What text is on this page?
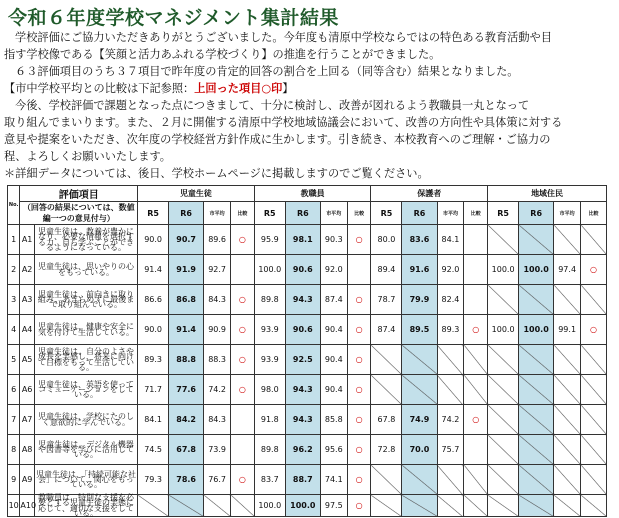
令和６年度学校マネジメント集計結果
学校評価にご協力いただきありがとうございました。今年度も清原中学校ならではの特色ある教育活動や目
指す学校像である【笑顔と活力あふれる学校づくり】の推進を行うことができました。
６３評価項目のうち３７項目で昨年度の肯定的回答の割合を上回る（同等含む）結果となりました。
【市中学校平均との比較は下記参照：上回った項目○印】
今後、学校評価で課題となった点につきまして、十分に検討し、改善が図れるよう教職員一丸となって
取り組んでまいります。また、２月に開催する清原中学校地域協議会において、改善の方向性や具体策に対する
意見や提案をいただき、次年度の学校経営方針作成に生かします。引き続き、本校教育へのご理解・ご協力の
程、よろしくお願いいたします。
＊詳細データについては、後日、学校ホームページに掲載しますのでご覧ください。
No.	評価項目		児童生徒				教職員				保護者				地域住民			
	（回答の結果については、数値編一つの意見付与）																	
			R5	R6	市平均	比較	R5	R6	市平均	比較	R5	R6	市平均	比較	R5	R6	市平均	比較
1	A1	児童生徒は、教養が豊かになり、必要な情報を選択する力、自ら学ぶことができるようになっている。	90.0	90.7	89.6	○	95.9	98.1	90.3	○	80.0	83.6	84.1					
2	A2	児童生徒は、思いやりの心をもっている。	91.4	91.9	92.7		100.0	90.6	92.0		89.4	91.6	92.0		100.0	100.0	97.4	○
3	A3	児童生徒は、前向きに取り組み、あきらめずに最後まで取り組んでいる。	86.6	86.8	84.3	○	89.8	94.3	87.4	○	78.7	79.9	82.4					
4	A4	児童生徒は、健康や安全に気を付けて生活している。	90.0	91.4	90.9	○	93.9	90.6	90.4	○	87.4	89.5	89.3	○	100.0	100.0	99.1	○
5	A5	児童生徒は、自分のよさや成長を実感し、将来に向けて目標をもって生活している。	89.3	88.8	88.3	○	93.9	92.5	90.4	○								
6	A6	児童生徒は、英語を使ってコミュニケーションをしている。	71.7	77.6	74.2	○	98.0	94.3	90.4	○								
7	A7	児童生徒は、学校にたのしく意欲的に学んでいる。	84.1	84.2	84.3		91.8	94.3	85.8	○	67.8	74.9	74.2	○				
8	A8	児童生徒は、デジタル機器や図書等を学びに活用している。	74.5	67.8	73.9		89.8	96.2	95.6	○	72.8	70.0	75.7					
9	A9	児童生徒は、「持続可能な社会」について、関心をもっている。	79.3	78.6	76.7	○	83.7	88.7	74.1	○								
10	A10	教職員は、特別な支援を必要とする児童生徒の実態に応じて、適切な支援をしている。					100.0	100.0	97.5	○								
